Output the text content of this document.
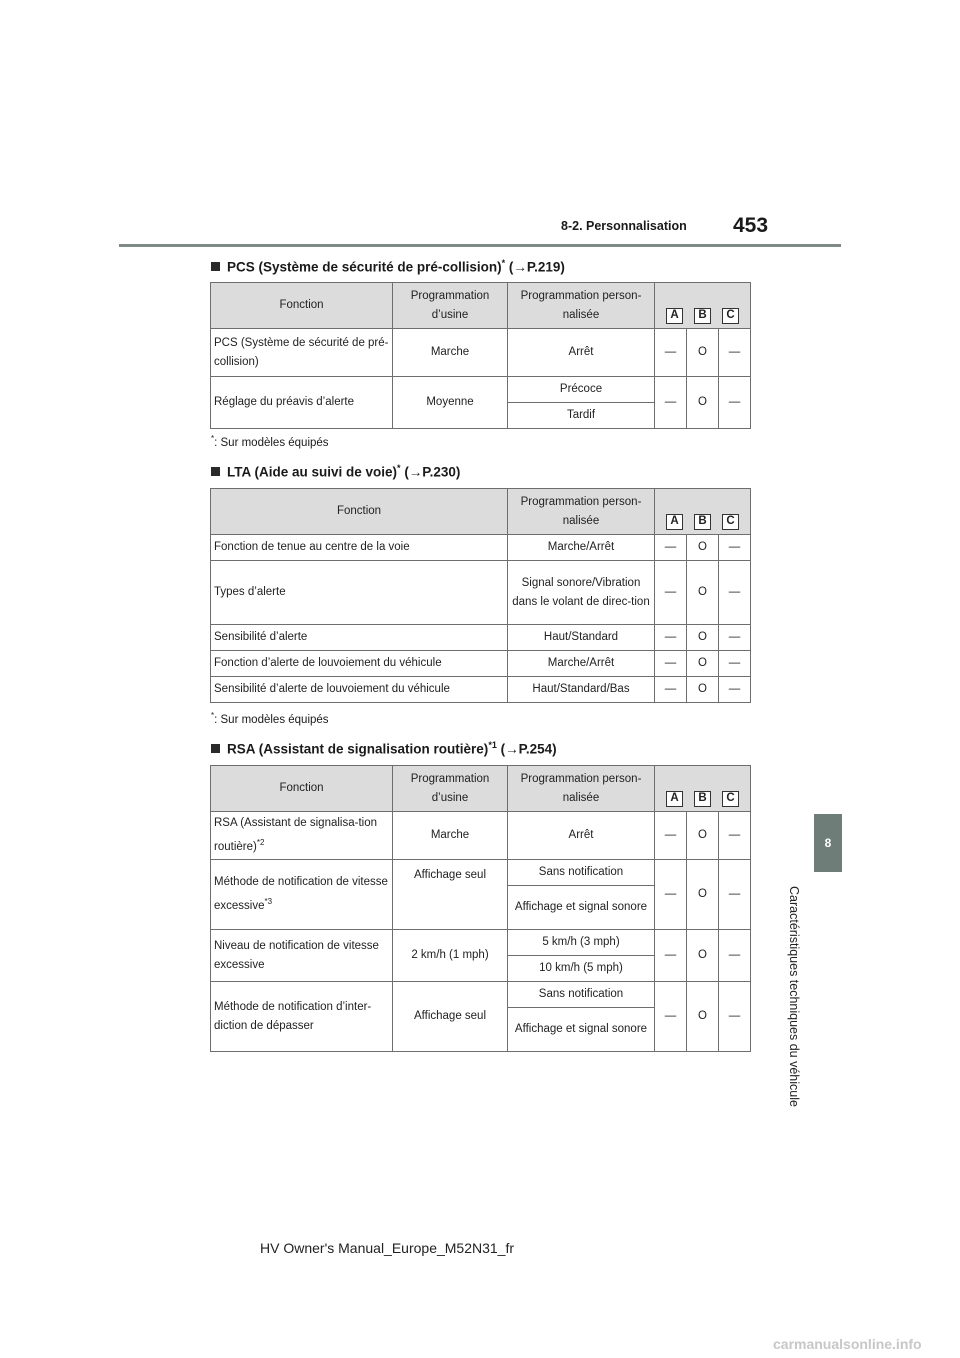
8-2. Personnalisation 453
8
Caractéristiques techniques du véhicule
PCS (Système de sécurité de pré-collision)* (→P.219)
Fonction	Programmation d’usine	Programmation person-nalisée	A B C		

PCS (Système de sécurité de pré-collision)	Marche	Arrêt	—	O	—
Réglage du préavis d’alerte	Moyenne	Précoce	—	O	—
		Tardif			
*: Sur modèles équipés
LTA (Aide au suivi de voie)* (→P.230)
Fonction	Programmation person-nalisée	A B C		

Fonction de tenue au centre de la voie	Marche/Arrêt	—	O	—
Types d’alerte	Signal sonore/Vibration dans le volant de direc-tion	—	O	—
Sensibilité d’alerte	Haut/Standard	—	O	—
Fonction d’alerte de louvoiement du véhicule	Marche/Arrêt	—	O	—
Sensibilité d’alerte de louvoiement du véhicule	Haut/Standard/Bas	—	O	—
*: Sur modèles équipés
RSA (Assistant de signalisation routière)$^{*1}$ (→P.254)
Fonction	Programmation d’usine	Programmation person-nalisée	A B C		

RSA (Assistant de signalisa-tion routière)$^{*2}$	Marche	Arrêt	—	O	—
Méthode de notification de vitesse excessive$^{*3}$	Affichage seul	Sans notification	—	O	—
		Affichage et signal sonore			
Niveau de notification de vitesse excessive	2 km/h (1 mph)	5 km/h (3 mph)	—	O	—
		10 km/h (5 mph)			
Méthode de notification d’inter-diction de dépasser	Affichage seul	Sans notification	—	O	—
		Affichage et signal sonore			
HV Owner's Manual_Europe_M52N31_fr
carmanualsonline.info
